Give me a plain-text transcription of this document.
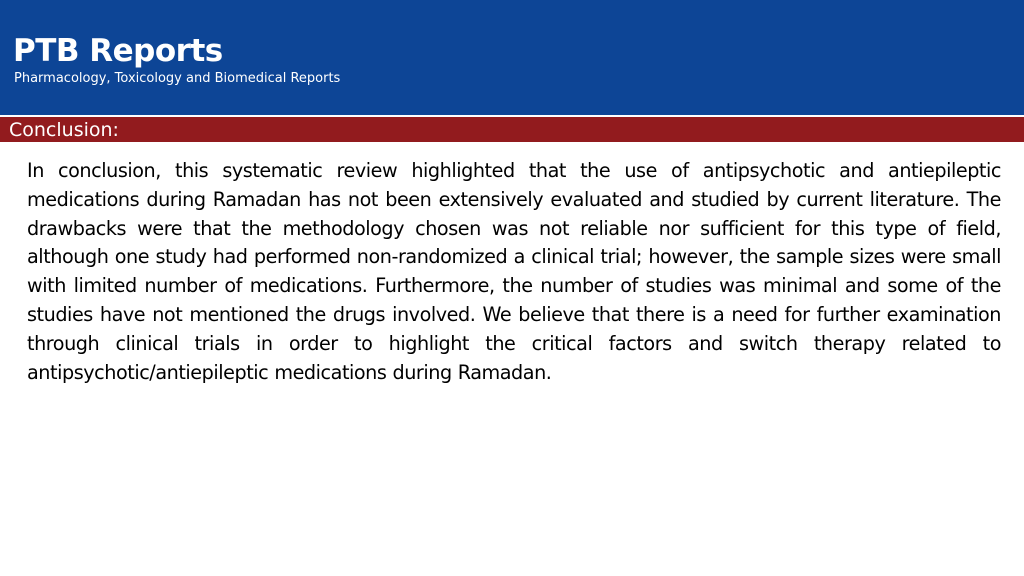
PTB Reports
Pharmacology, Toxicology and Biomedical Reports
Conclusion:

In conclusion, this systematic review highlighted that the use of antipsychotic and antiepileptic medications during Ramadan has not been extensively evaluated and studied by current literature. The drawbacks were that the methodology chosen was not reliable nor sufficient for this type of field, although one study had performed non-randomized a clinical trial; however, the sample sizes were small with limited number of medications. Furthermore, the number of studies was minimal and some of the studies have not mentioned the drugs involved. We believe that there is a need for further examination through clinical trials in order to highlight the critical factors and switch therapy related to antipsychotic/antiepileptic medications during Ramadan.
